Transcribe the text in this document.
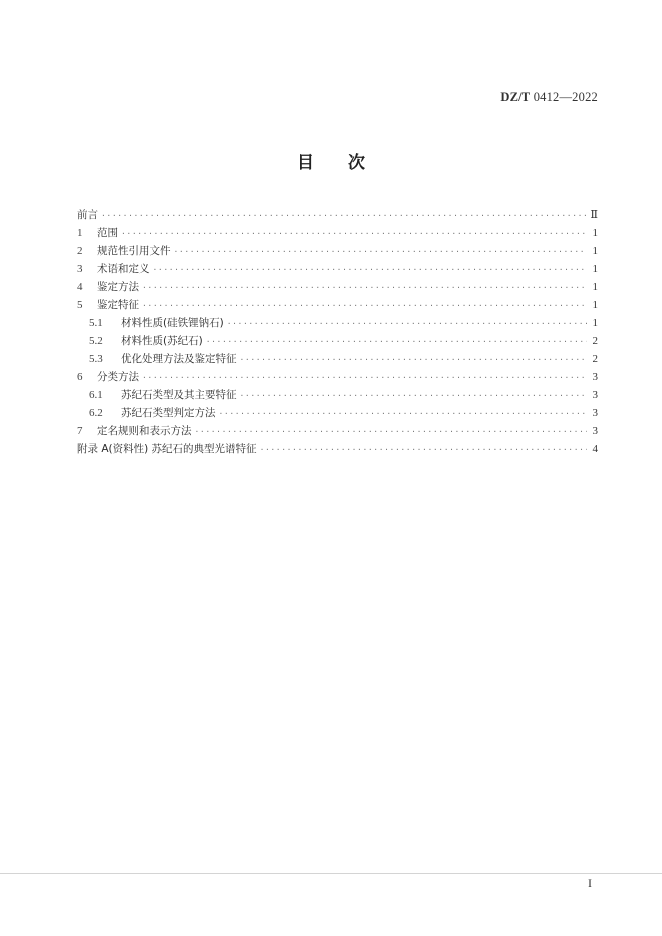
DZ/T 0412—2022
目 次
前言 ·····	Ⅱ
1	范围 ·····	1
2	规范性引用文件 ·····	1
3	术语和定义 ·····	1
4	鉴定方法 ·····	1
5	鉴定特征 ·····	1
5.1	材料性质(硅铁锂钠石) ·····	1
5.2	材料性质(苏纪石) ·····	2
5.3	优化处理方法及鉴定特征 ·····	2
6	分类方法 ·····	3
6.1	苏纪石类型及其主要特征 ·····	3
6.2	苏纪石类型判定方法 ·····	3
7	定名规则和表示方法 ·····	3
附录 A(资料性) 苏纪石的典型光谱特征 ·····	4
I
